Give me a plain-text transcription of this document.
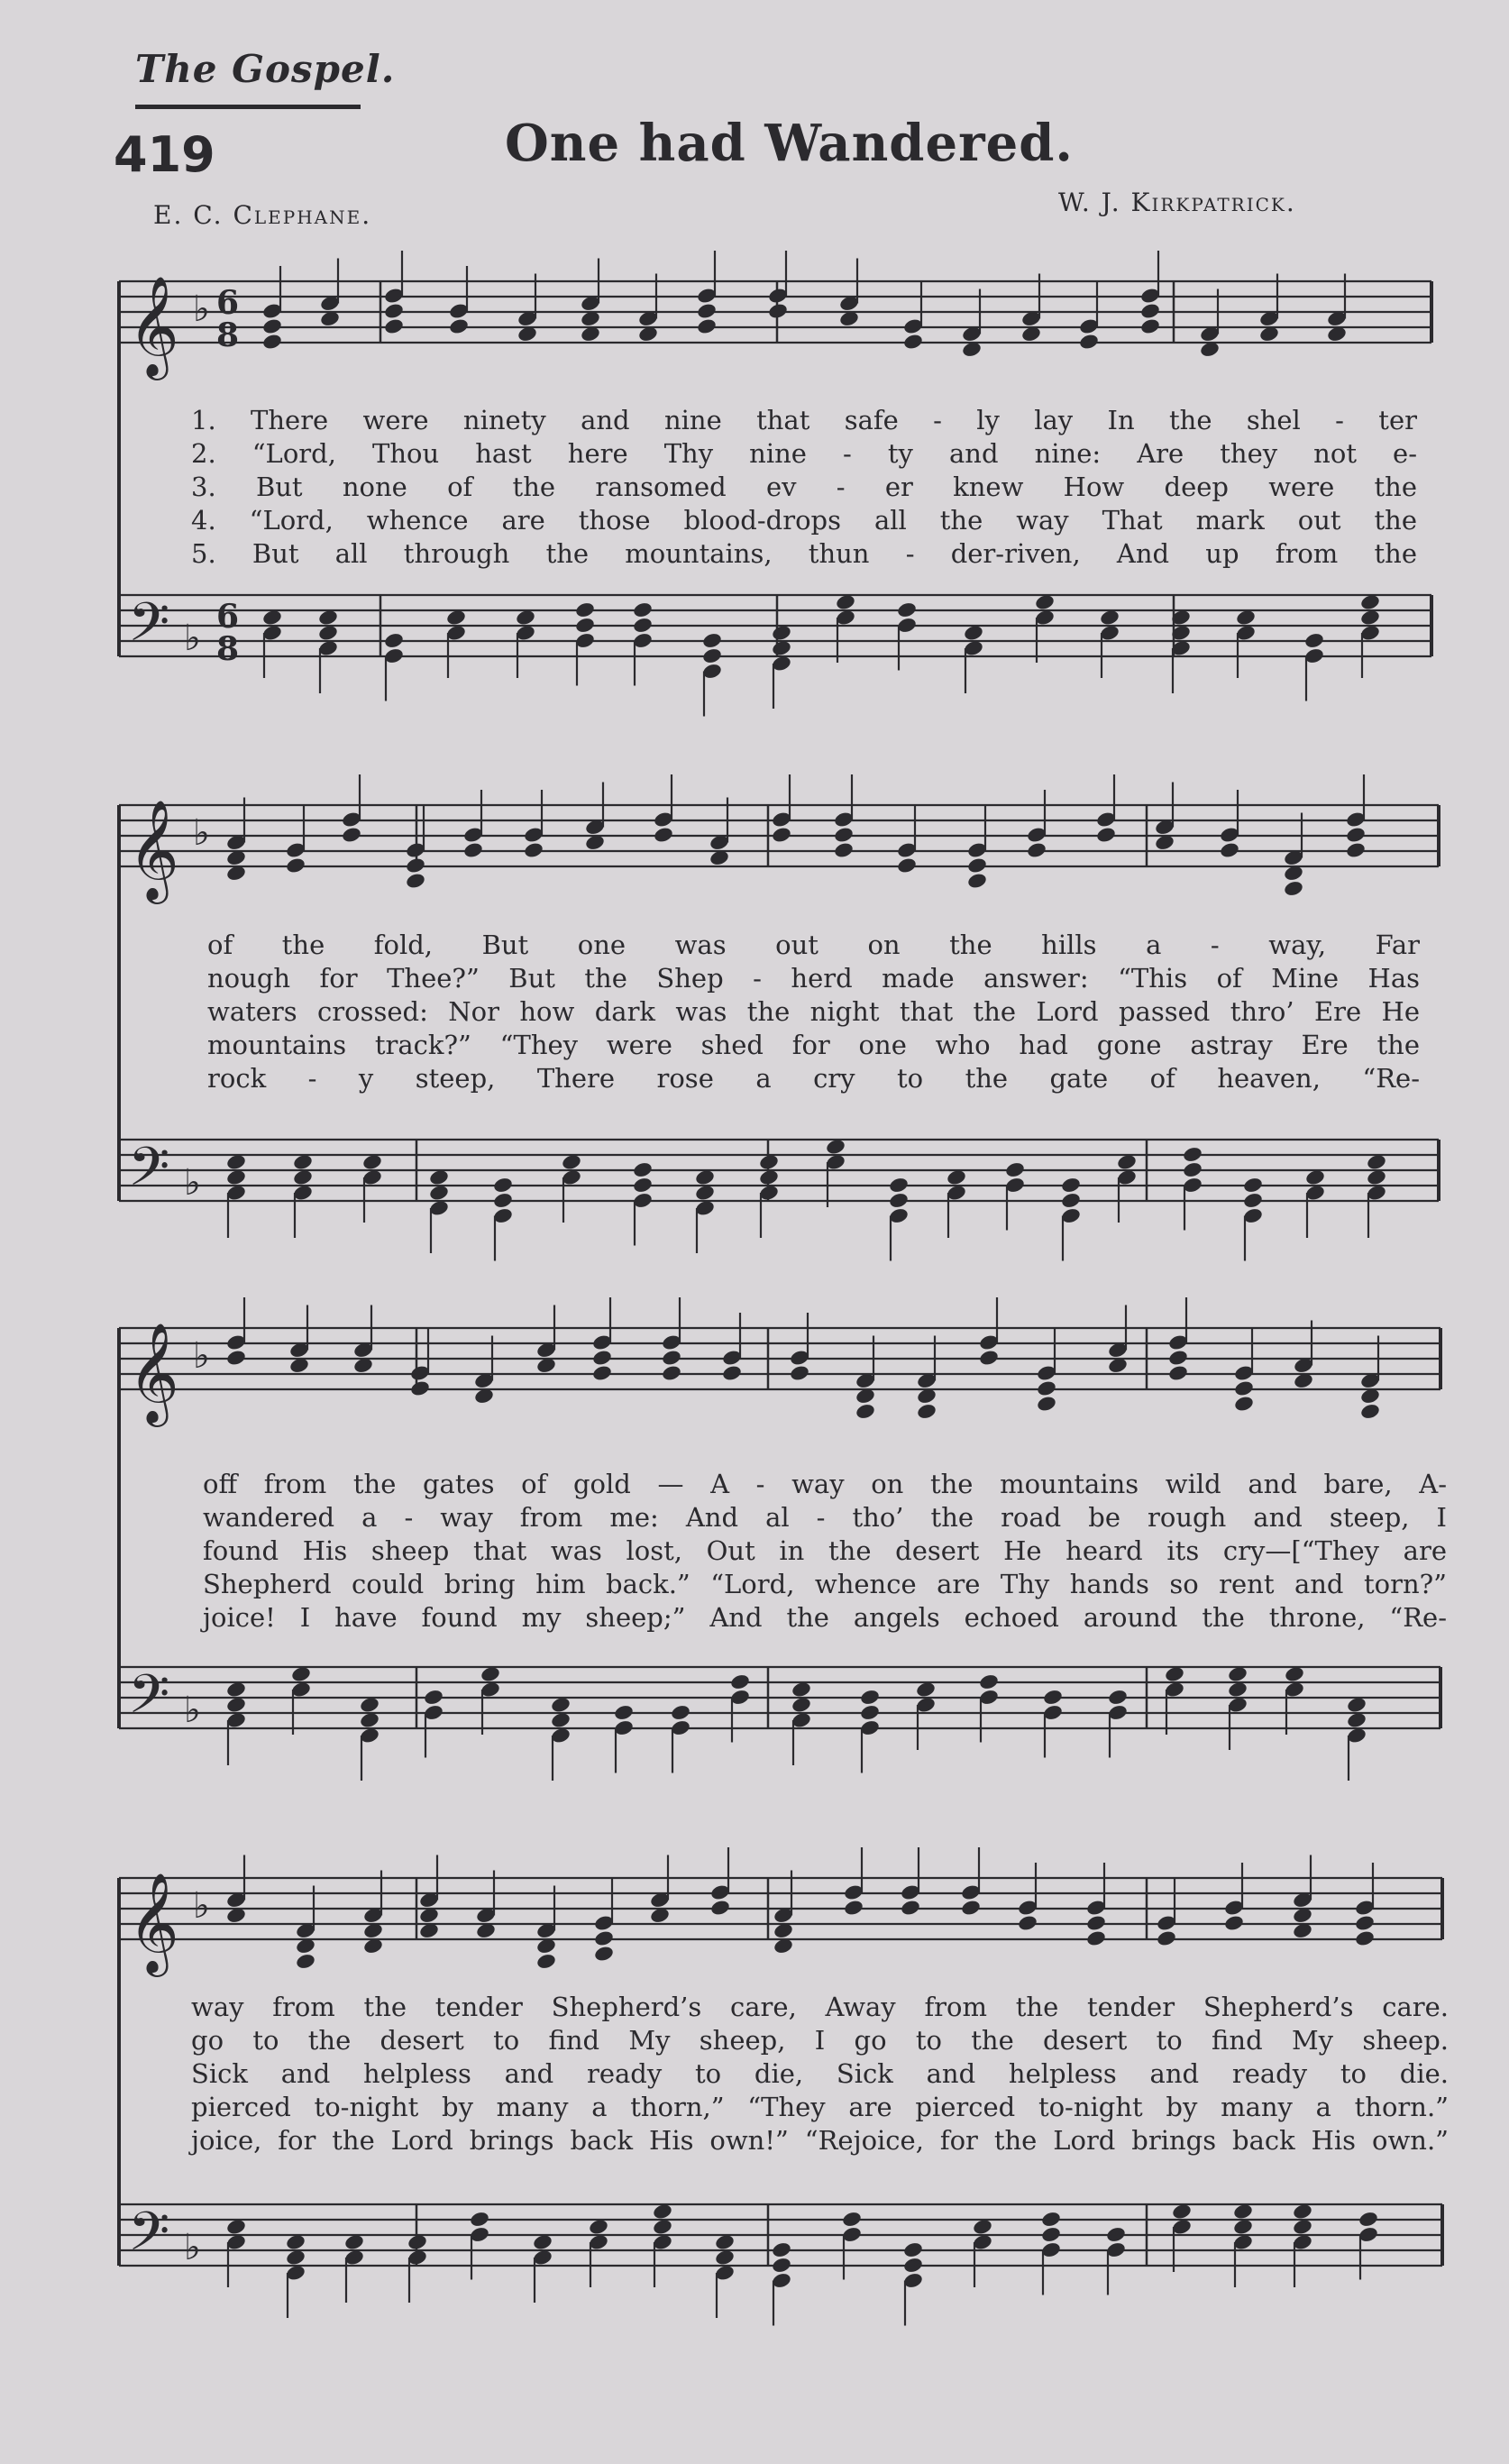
The Gospel.
419	One had Wandered.
E. C. Clephane.	W. J. Kirkpatrick.
𝄞 ♭ 6
8
𝄢 ♭
6
8
𝄞 ♭
𝄢 ♭
𝄞 ♭
𝄢 ♭
𝄞 ♭
𝄢 ♭
1. There were ninety and nine that safe - ly lay In the shel - ter
2. “Lord, Thou hast here Thy nine - ty and nine: Are they not e-
3. But none of the ransomed ev - er knew How deep were the
4. “Lord, whence are those blood-drops all the way That mark out the
5. But all through the mountains, thun - der-riven, And up from the
of the fold, But one was out on the hills a - way, Far
nough for Thee?” But the Shep - herd made answer: “This of Mine Has
waters crossed: Nor how dark was the night that the Lord passed thro’ Ere He
mountains track?” “They were shed for one who had gone astray Ere the
rock - y steep, There rose a cry to the gate of heaven, “Re-
off from the gates of gold — A - way on the mountains wild and bare, A-
wandered a - way from me: And al - tho’ the road be rough and steep, I
found His sheep that was lost, Out in the desert He heard its cry—[“They are
Shepherd could bring him back.” “Lord, whence are Thy hands so rent and torn?”
joice! I have found my sheep;” And the angels echoed around the throne, “Re-
way from the tender Shepherd’s care, Away from the tender Shepherd’s care.
go to the desert to find My sheep, I go to the desert to find My sheep.
Sick and helpless and ready to die, Sick and helpless and ready to die.
pierced to-night by many a thorn,” “They are pierced to-night by many a thorn.”
joice, for the Lord brings back His own!” “Rejoice, for the Lord brings back His own.”
